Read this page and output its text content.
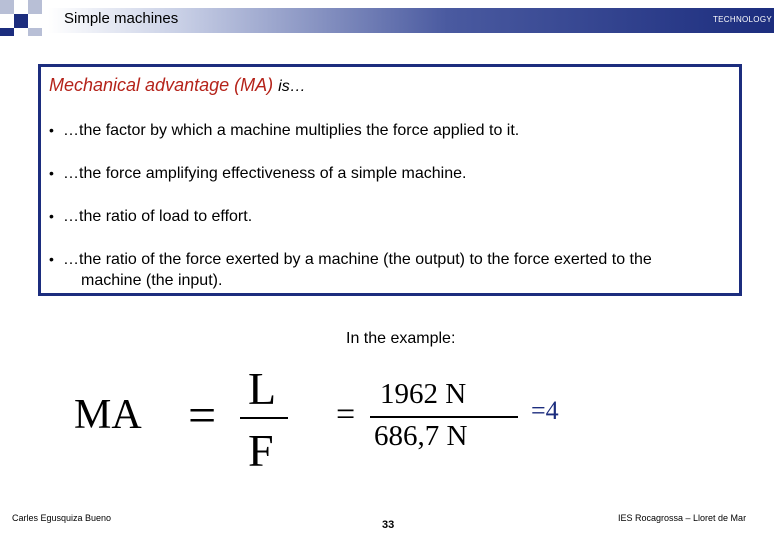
Simple machines	TECHNOLOGY
Mechanical advantage (MA) is…
• …the factor by which a machine multiplies the force applied to it.
• …the force amplifying effectiveness of a simple machine.
• …the ratio of load to effort.
• …the ratio of the force exerted by a machine (the output) to the force exerted to the
machine (the input).
In the example:
MA = L
F
=
1962 N
686,7 N
=4
Carles Egusquiza Bueno
33
IES Rocagrossa – Lloret de Mar
